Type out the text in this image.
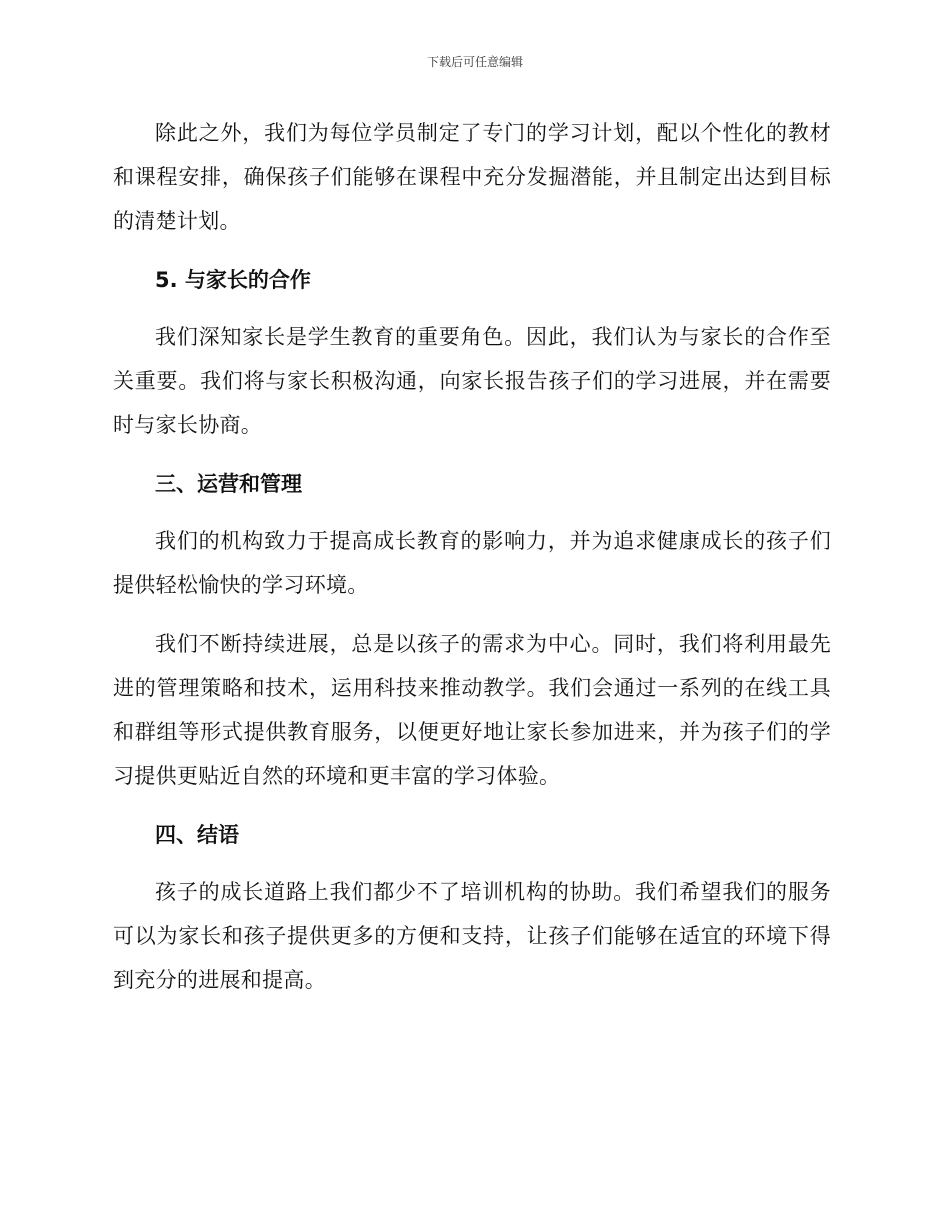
下载后可任意编辑

除此之外，我们为每位学员制定了专门的学习计划，配以个性化的教材和课程安排，确保孩子们能够在课程中充分发掘潜能，并且制定出达到目标的清楚计划。

5. 与家长的合作

我们深知家长是学生教育的重要角色。因此，我们认为与家长的合作至关重要。我们将与家长积极沟通，向家长报告孩子们的学习进展，并在需要时与家长协商。

三、运营和管理

我们的机构致力于提高成长教育的影响力，并为追求健康成长的孩子们提供轻松愉快的学习环境。

我们不断持续进展，总是以孩子的需求为中心。同时，我们将利用最先进的管理策略和技术，运用科技来推动教学。我们会通过一系列的在线工具和群组等形式提供教育服务，以便更好地让家长参加进来，并为孩子们的学习提供更贴近自然的环境和更丰富的学习体验。

四、结语

孩子的成长道路上我们都少不了培训机构的协助。我们希望我们的服务可以为家长和孩子提供更多的方便和支持，让孩子们能够在适宜的环境下得到充分的进展和提高。
